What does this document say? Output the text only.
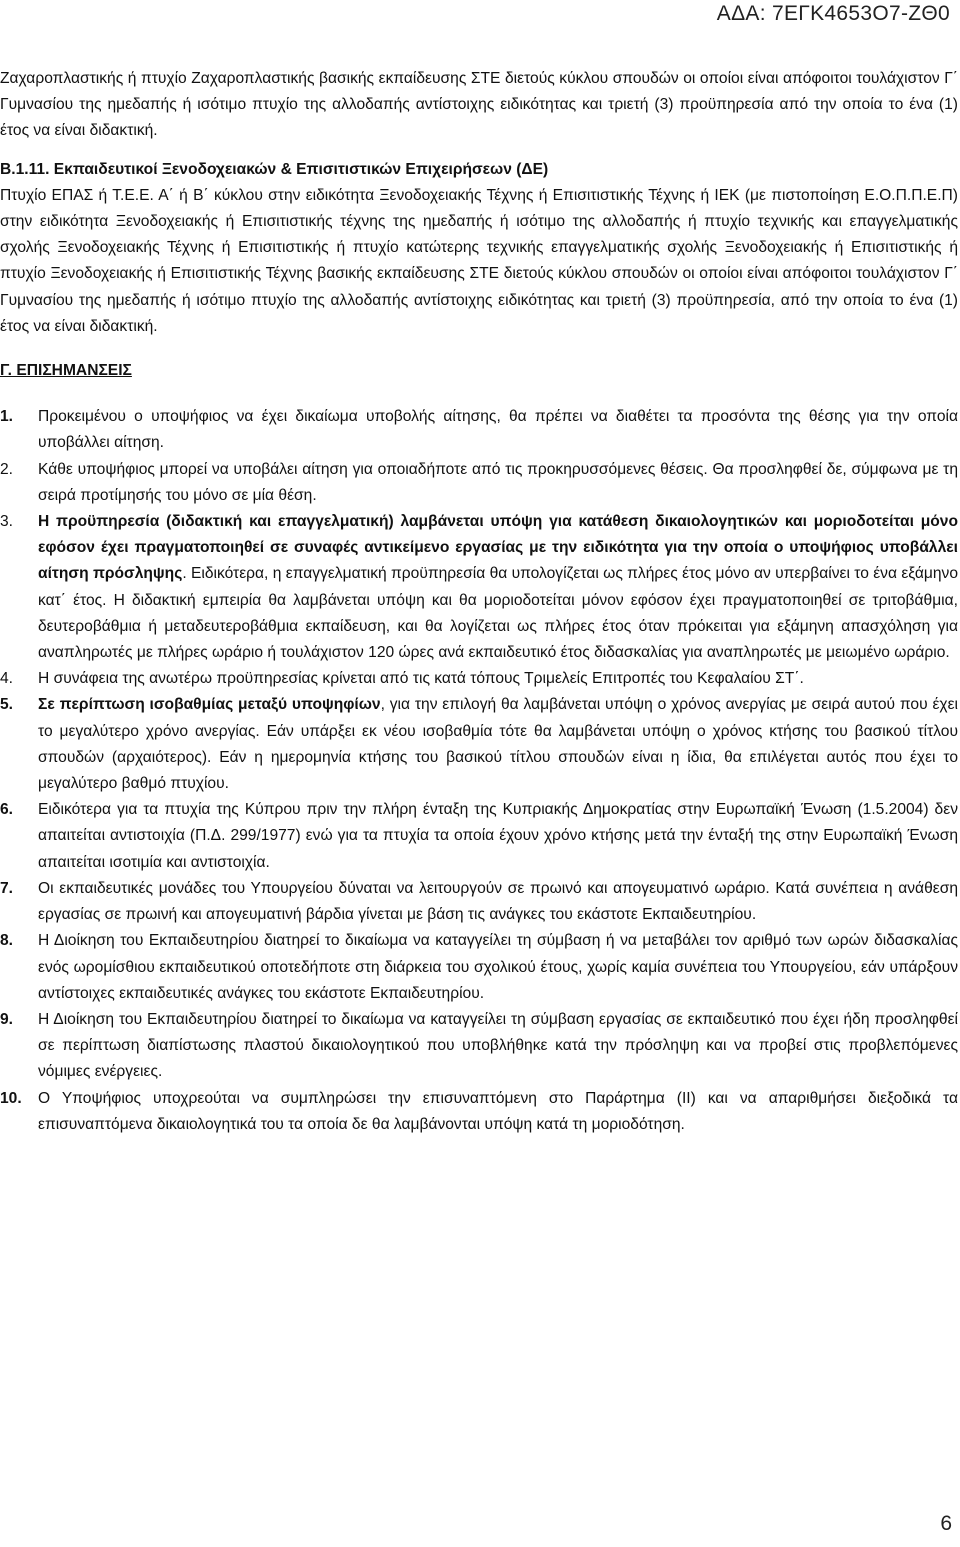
ΑΔΑ: 7ΕΓΚ4653Ο7-ΖΘ0

Ζαχαροπλαστικής ή πτυχίο Ζαχαροπλαστικής βασικής εκπαίδευσης ΣΤΕ διετούς κύκλου σπουδών οι οποίοι είναι απόφοιτοι τουλάχιστον Γ΄ Γυμνασίου της ημεδαπής ή ισότιμο πτυχίο της αλλοδαπής αντίστοιχης ειδικότητας και τριετή (3) προϋπηρεσία από την οποία το ένα (1) έτος να είναι διδακτική.

Β.1.11. Εκπαιδευτικοί Ξενοδοχειακών & Επισιτιστικών Επιχειρήσεων (ΔΕ)

Πτυχίο ΕΠΑΣ ή Τ.Ε.Ε. Α΄ ή Β΄ κύκλου στην ειδικότητα Ξενοδοχειακής Τέχνης ή Επισιτιστικής Τέχνης ή ΙΕΚ (με πιστοποίηση Ε.Ο.Π.Π.Ε.Π) στην ειδικότητα Ξενοδοχειακής ή Επισιτιστικής τέχνης της ημεδαπής ή ισότιμο της αλλοδαπής ή πτυχίο τεχνικής και επαγγελματικής σχολής Ξενοδοχειακής Τέχνης ή Επισιτιστικής ή πτυχίο κατώτερης τεχνικής επαγγελματικής σχολής Ξενοδοχειακής ή Επισιτιστικής ή πτυχίο Ξενοδοχειακής ή Επισιτιστικής Τέχνης βασικής εκπαίδευσης ΣΤΕ διετούς κύκλου σπουδών οι οποίοι είναι απόφοιτοι τουλάχιστον Γ΄ Γυμνασίου της ημεδαπής ή ισότιμο πτυχίο της αλλοδαπής αντίστοιχης ειδικότητας και τριετή (3) προϋπηρεσία, από την οποία το ένα (1) έτος να είναι διδακτική.

Γ. ΕΠΙΣΗΜΑΝΣΕΙΣ

1.	Προκειμένου ο υποψήφιος να έχει δικαίωμα υποβολής αίτησης, θα πρέπει να διαθέτει τα προσόντα της θέσης για την οποία υποβάλλει αίτηση.

2.	Κάθε υποψήφιος μπορεί να υποβάλει αίτηση για οποιαδήποτε από τις προκηρυσσόμενες θέσεις. Θα προσληφθεί δε, σύμφωνα με τη σειρά προτίμησής του μόνο σε μία θέση.

3.	Η προϋπηρεσία (διδακτική και επαγγελματική) λαμβάνεται υπόψη για κατάθεση δικαιολογητικών και μοριοδοτείται μόνο εφόσον έχει πραγματοποιηθεί σε συναφές αντικείμενο εργασίας με την ειδικότητα για την οποία ο υποψήφιος υποβάλλει αίτηση πρόσληψης. Ειδικότερα, η επαγγελματική προϋπηρεσία θα υπολογίζεται ως πλήρες έτος μόνο αν υπερβαίνει το ένα εξάμηνο κατ΄ έτος. Η διδακτική εμπειρία θα λαμβάνεται υπόψη και θα μοριοδοτείται μόνον εφόσον έχει πραγματοποιηθεί σε τριτοβάθμια, δευτεροβάθμια ή μεταδευτεροβάθμια εκπαίδευση, και θα λογίζεται ως πλήρες έτος όταν πρόκειται για εξάμηνη απασχόληση για αναπληρωτές με πλήρες ωράριο ή τουλάχιστον 120 ώρες ανά εκπαιδευτικό έτος διδασκαλίας για αναπληρωτές με μειωμένο ωράριο.

4.	Η συνάφεια της ανωτέρω προϋπηρεσίας κρίνεται από τις κατά τόπους Τριμελείς Επιτροπές του Κεφαλαίου ΣΤ΄.

5.	Σε περίπτωση ισοβαθμίας μεταξύ υποψηφίων, για την επιλογή θα λαμβάνεται υπόψη ο χρόνος ανεργίας με σειρά αυτού που έχει το μεγαλύτερο χρόνο ανεργίας. Εάν υπάρξει εκ νέου ισοβαθμία τότε θα λαμβάνεται υπόψη ο χρόνος κτήσης του βασικού τίτλου σπουδών (αρχαιότερος). Εάν η ημερομηνία κτήσης του βασικού τίτλου σπουδών είναι η ίδια, θα επιλέγεται αυτός που έχει το μεγαλύτερο βαθμό πτυχίου.

6.	Ειδικότερα για τα πτυχία της Κύπρου πριν την πλήρη ένταξη της Κυπριακής Δημοκρατίας στην Ευρωπαϊκή Ένωση (1.5.2004) δεν απαιτείται αντιστοιχία (Π.Δ. 299/1977) ενώ για τα πτυχία τα οποία έχουν χρόνο κτήσης μετά την ένταξή της στην Ευρωπαϊκή Ένωση απαιτείται ισοτιμία και αντιστοιχία.

7.	Οι εκπαιδευτικές μονάδες του Υπουργείου δύναται να λειτουργούν σε πρωινό και απογευματινό ωράριο. Κατά συνέπεια η ανάθεση εργασίας σε πρωινή και απογευματινή βάρδια γίνεται με βάση τις ανάγκες του εκάστοτε Εκπαιδευτηρίου.

8.	Η Διοίκηση του Εκπαιδευτηρίου διατηρεί το δικαίωμα να καταγγείλει τη σύμβαση ή να μεταβάλει τον αριθμό των ωρών διδασκαλίας ενός ωρομίσθιου εκπαιδευτικού οποτεδήποτε στη διάρκεια του σχολικού έτους, χωρίς καμία συνέπεια του Υπουργείου, εάν υπάρξουν αντίστοιχες εκπαιδευτικές ανάγκες του εκάστοτε Εκπαιδευτηρίου.

9.	Η Διοίκηση του Εκπαιδευτηρίου διατηρεί το δικαίωμα να καταγγείλει τη σύμβαση εργασίας σε εκπαιδευτικό που έχει ήδη προσληφθεί σε περίπτωση διαπίστωσης πλαστού δικαιολογητικού που υποβλήθηκε κατά την πρόσληψη και να προβεί στις προβλεπόμενες νόμιμες ενέργειες.

10.	Ο Υποψήφιος υποχρεούται να συμπληρώσει την επισυναπτόμενη στο Παράρτημα (ΙΙ) και να απαριθμήσει διεξοδικά τα επισυναπτόμενα δικαιολογητικά του τα οποία δε θα λαμβάνονται υπόψη κατά τη μοριοδότηση.

6
